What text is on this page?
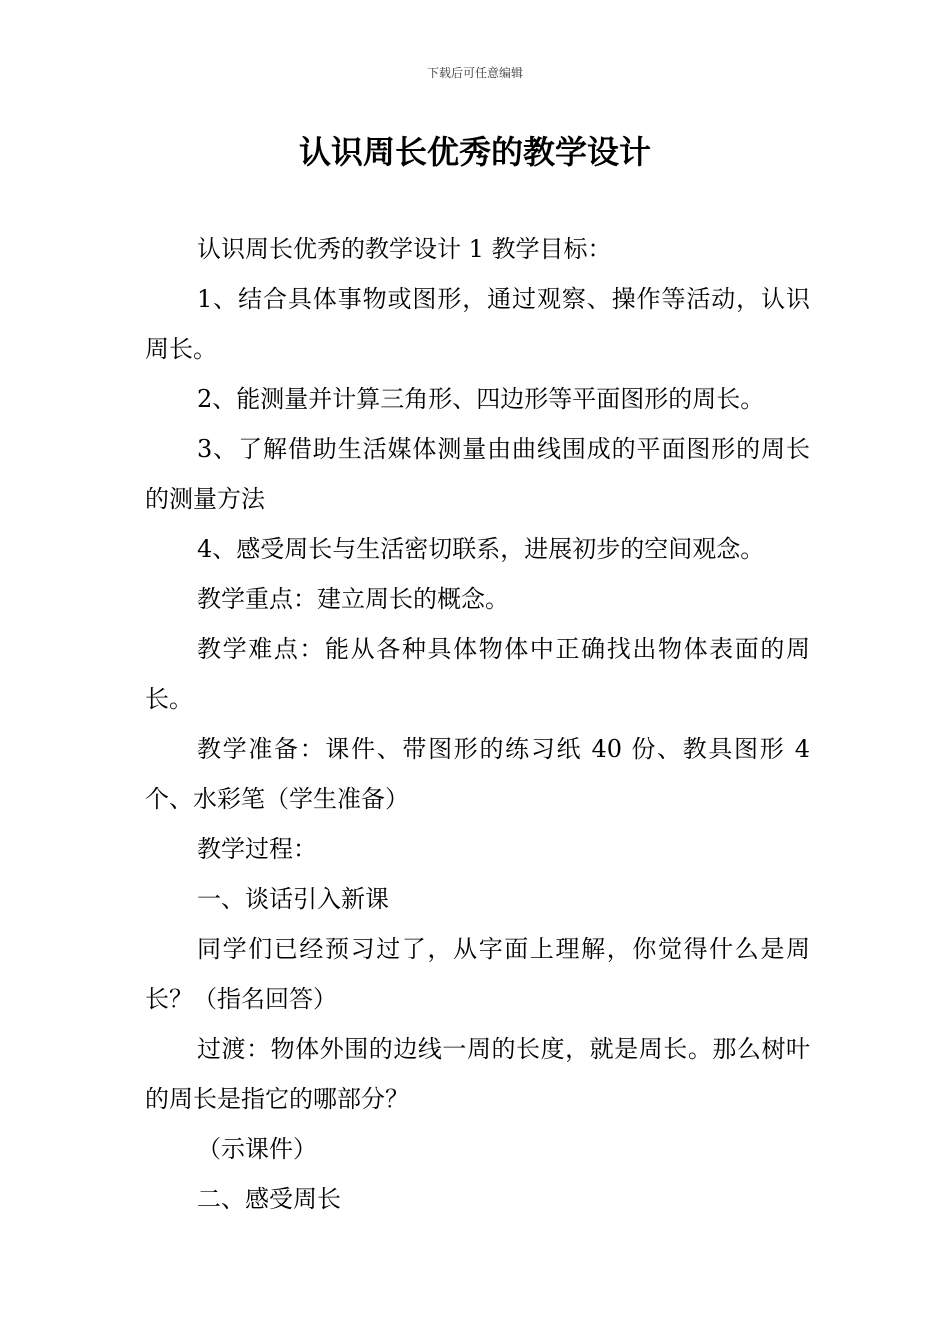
下载后可任意编辑
认识周长优秀的教学设计

认识周长优秀的教学设计 1 教学目标：

1、结合具体事物或图形，通过观察、操作等活动，认识周长。

2、能测量并计算三角形、四边形等平面图形的周长。

3、了解借助生活媒体测量由曲线围成的平面图形的周长的测量方法

4、感受周长与生活密切联系，进展初步的空间观念。

教学重点：建立周长的概念。

教学难点：能从各种具体物体中正确找出物体表面的周长。

教学准备：课件、带图形的练习纸 40 份、教具图形 4 个、水彩笔（学生准备）

教学过程：

一、谈话引入新课

同学们已经预习过了，从字面上理解，你觉得什么是周长？（指名回答）

过渡：物体外围的边线一周的长度，就是周长。那么树叶的周长是指它的哪部分？

（示课件）

二、感受周长
